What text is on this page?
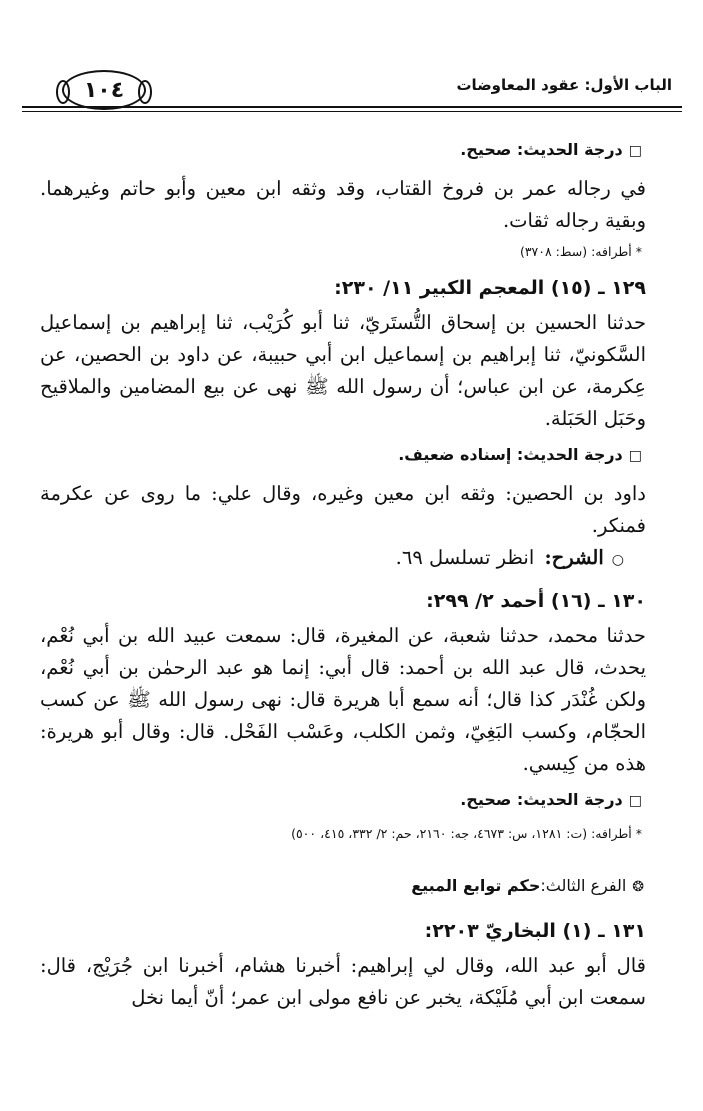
الباب الأول: عقود المعاوضات
١٠٤
□درجة الحديث: صحيح.

في رجاله عمر بن فروخ القتاب، وقد وثقه ابن معين وأبو حاتم وغيرهما. وبقية رجاله ثقات.

* أطرافه: (سط: ٣٧٠٨)
١٢٩ ـ (١٥) المعجم الكبير ١١/ ٢٣٠:

حدثنا الحسين بن إسحاق التُّستَريّ، ثنا أبو كُرَيْب، ثنا إبراهيم بن إسماعيل السَّكونيّ، ثنا إبراهيم بن إسماعيل ابن أبي حبيبة، عن داود بن الحصين، عن عِكرمة، عن ابن عباس؛ أن رسول الله ﷺ نهى عن بيع المضامين والملاقيح وحَبَل الحَبَلة.

□درجة الحديث: إسناده ضعيف.

داود بن الحصين: وثقه ابن معين وغيره، وقال علي: ما روى عن عكرمة فمنكر.

○الشرح: انظر تسلسل ٦٩.
١٣٠ ـ (١٦) أحمد ٢/ ٢٩٩:

حدثنا محمد، حدثنا شعبة، عن المغيرة، قال: سمعت عبيد الله بن أبي نُعْم، يحدث، قال عبد الله بن أحمد: قال أبي: إنما هو عبد الرحمٰن بن أبي نُعْم، ولكن غُنْدَر كذا قال؛ أنه سمع أبا هريرة قال: نهى رسول الله ﷺ عن كسب الحجّام، وكسب البَغِيّ، وثمن الكلب، وعَسْب الفَحْل. قال: وقال أبو هريرة: هذه من كِيسي.

□درجة الحديث: صحيح.
* أطرافه: (ت: ١٢٨١، س: ٤٦٧٣، جه: ٢١٦٠، حم: ٢/ ٣٣٢، ٤١٥، ٥٠٠)
❂الفرع الثالث:حكم توابع المبيع
١٣١ ـ (١) البخاريّ ٢٢٠٣:

قال أبو عبد الله، وقال لي إبراهيم: أخبرنا هشام، أخبرنا ابن جُرَيْج، قال: سمعت ابن أبي مُلَيْكة، يخبر عن نافع مولى ابن عمر؛ أنّ أيما نخل
